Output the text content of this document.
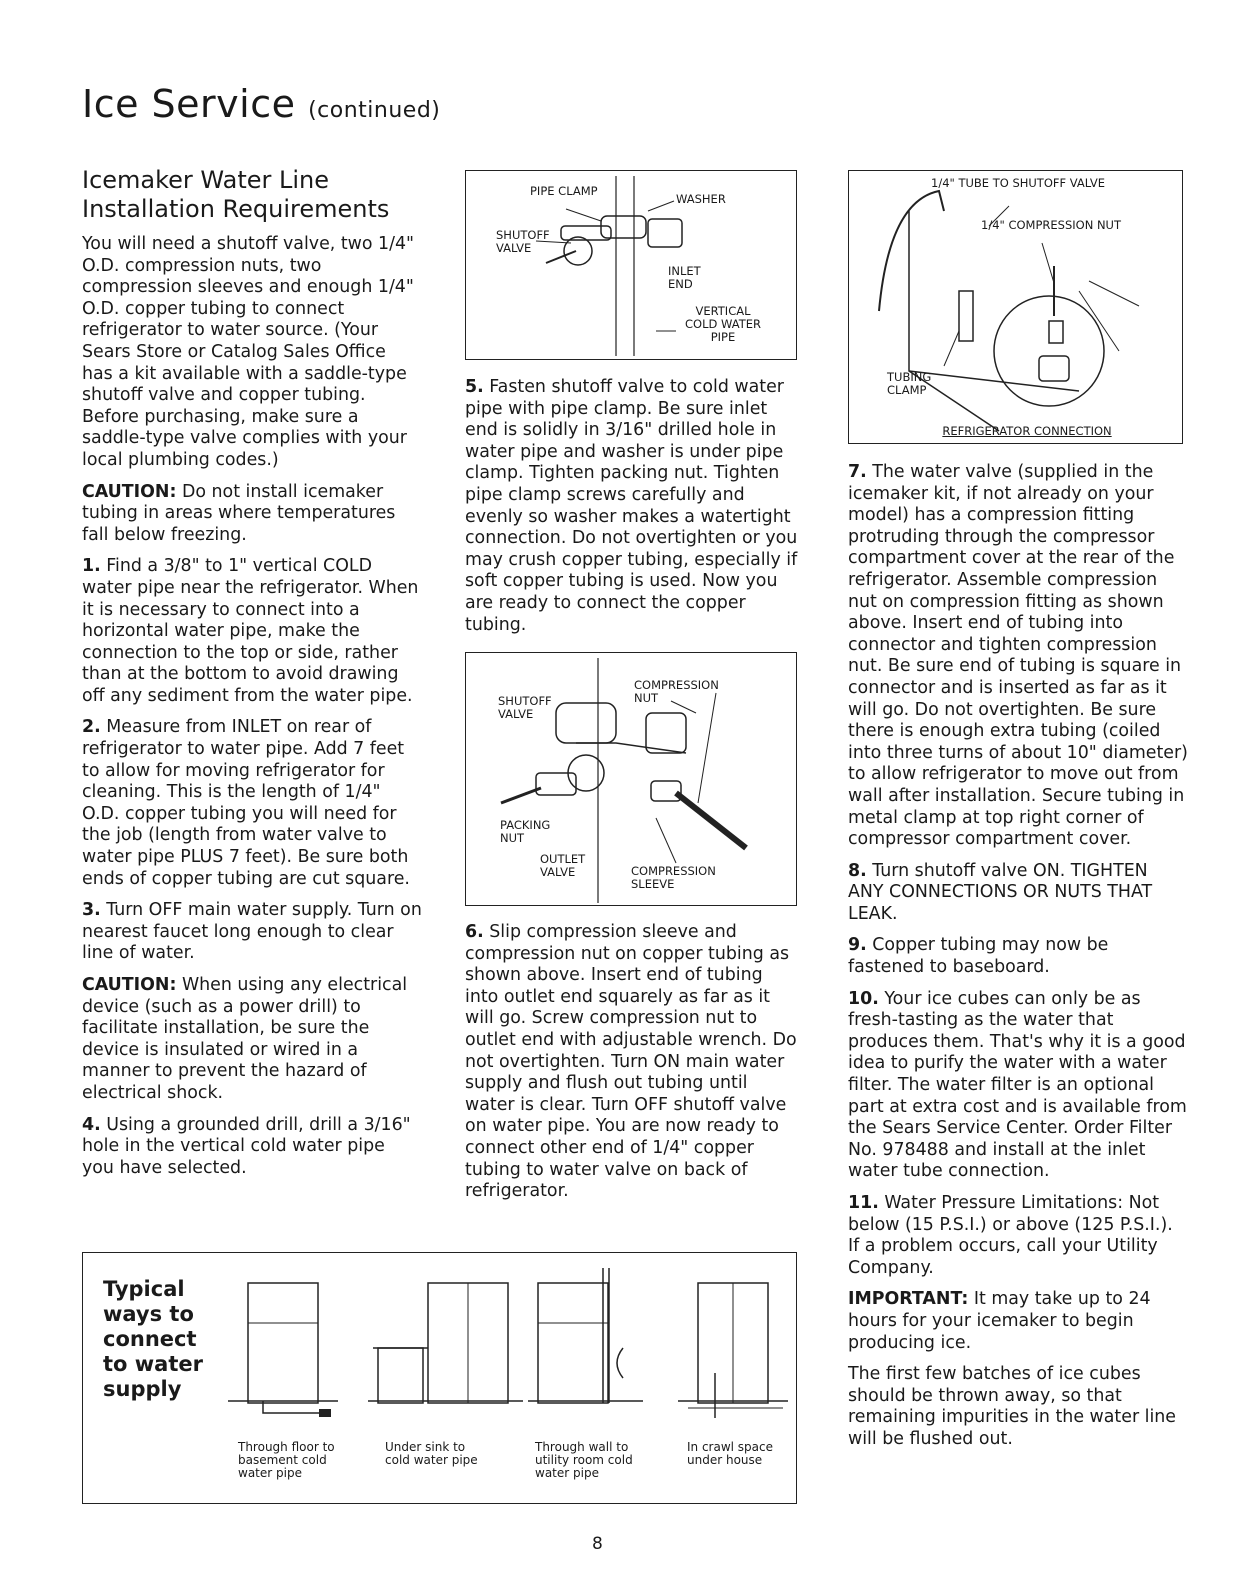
Ice Service (continued)
Icemaker Water Line Installation Requirements

You will need a shutoff valve, two 1/4" O.D. compression nuts, two compression sleeves and enough 1/4" O.D. copper tubing to connect refrigerator to water source. (Your Sears Store or Catalog Sales Office has a kit available with a saddle-type shutoff valve and copper tubing. Before purchasing, make sure a saddle-type valve complies with your local plumbing codes.)

CAUTION: Do not install icemaker tubing in areas where temperatures fall below freezing.

1. Find a 3/8" to 1" vertical COLD water pipe near the refrigerator. When it is necessary to connect into a horizontal water pipe, make the connection to the top or side, rather than at the bottom to avoid drawing off any sediment from the water pipe.

2. Measure from INLET on rear of refrigerator to water pipe. Add 7 feet to allow for moving refrigerator for cleaning. This is the length of 1/4" O.D. copper tubing you will need for the job (length from water valve to water pipe PLUS 7 feet). Be sure both ends of copper tubing are cut square.

3. Turn OFF main water supply. Turn on nearest faucet long enough to clear line of water.

CAUTION: When using any electrical device (such as a power drill) to facilitate installation, be sure the device is insulated or wired in a manner to prevent the hazard of electrical shock.

4. Using a grounded drill, drill a 3/16" hole in the vertical cold water pipe you have selected.

PIPE CLAMP
WASHER
SHUTOFF VALVE
INLET END
VERTICAL COLD WATER PIPE

5. Fasten shutoff valve to cold water pipe with pipe clamp. Be sure inlet end is solidly in 3/16" drilled hole in water pipe and washer is under pipe clamp. Tighten packing nut. Tighten pipe clamp screws carefully and evenly so washer makes a watertight connection. Do not overtighten or you may crush copper tubing, especially if soft copper tubing is used. Now you are ready to connect the copper tubing.

COMPRESSION NUT
SHUTOFF VALVE
PACKING NUT
OUTLET VALVE	COMPRESSION SLEEVE

6. Slip compression sleeve and compression nut on copper tubing as shown above. Insert end of tubing into outlet end squarely as far as it will go. Screw compression nut to outlet end with adjustable wrench. Do not overtighten. Turn ON main water supply and flush out tubing until water is clear. Turn OFF shutoff valve on water pipe. You are now ready to connect other end of 1/4" copper tubing to water valve on back of refrigerator.

1/4" TUBE TO SHUTOFF VALVE
1/4" COMPRESSION NUT
TUBING CLAMP
REFRIGERATOR CONNECTION

7. The water valve (supplied in the icemaker kit, if not already on your model) has a compression fitting protruding through the compressor compartment cover at the rear of the refrigerator. Assemble compression nut on compression fitting as shown above. Insert end of tubing into connector and tighten compression nut. Be sure end of tubing is square in connector and is inserted as far as it will go. Do not overtighten. Be sure there is enough extra tubing (coiled into three turns of about 10" diameter) to allow refrigerator to move out from wall after installation. Secure tubing in metal clamp at top right corner of compressor compartment cover.

8. Turn shutoff valve ON. TIGHTEN ANY CONNECTIONS OR NUTS THAT LEAK.

9. Copper tubing may now be fastened to baseboard.

10. Your ice cubes can only be as fresh-tasting as the water that produces them. That's why it is a good idea to purify the water with a water filter. The water filter is an optional part at extra cost and is available from the Sears Service Center. Order Filter No. 978488 and install at the inlet water tube connection.

11. Water Pressure Limitations: Not below (15 P.S.I.) or above (125 P.S.I.). If a problem occurs, call your Utility Company.

IMPORTANT: It may take up to 24 hours for your icemaker to begin producing ice.

The first few batches of ice cubes should be thrown away, so that remaining impurities in the water line will be flushed out.

Typical ways to connect to water supply
Through floor to basement cold water pipe
Under sink to cold water pipe
Through wall to utility room cold water pipe
In crawl space under house
8
